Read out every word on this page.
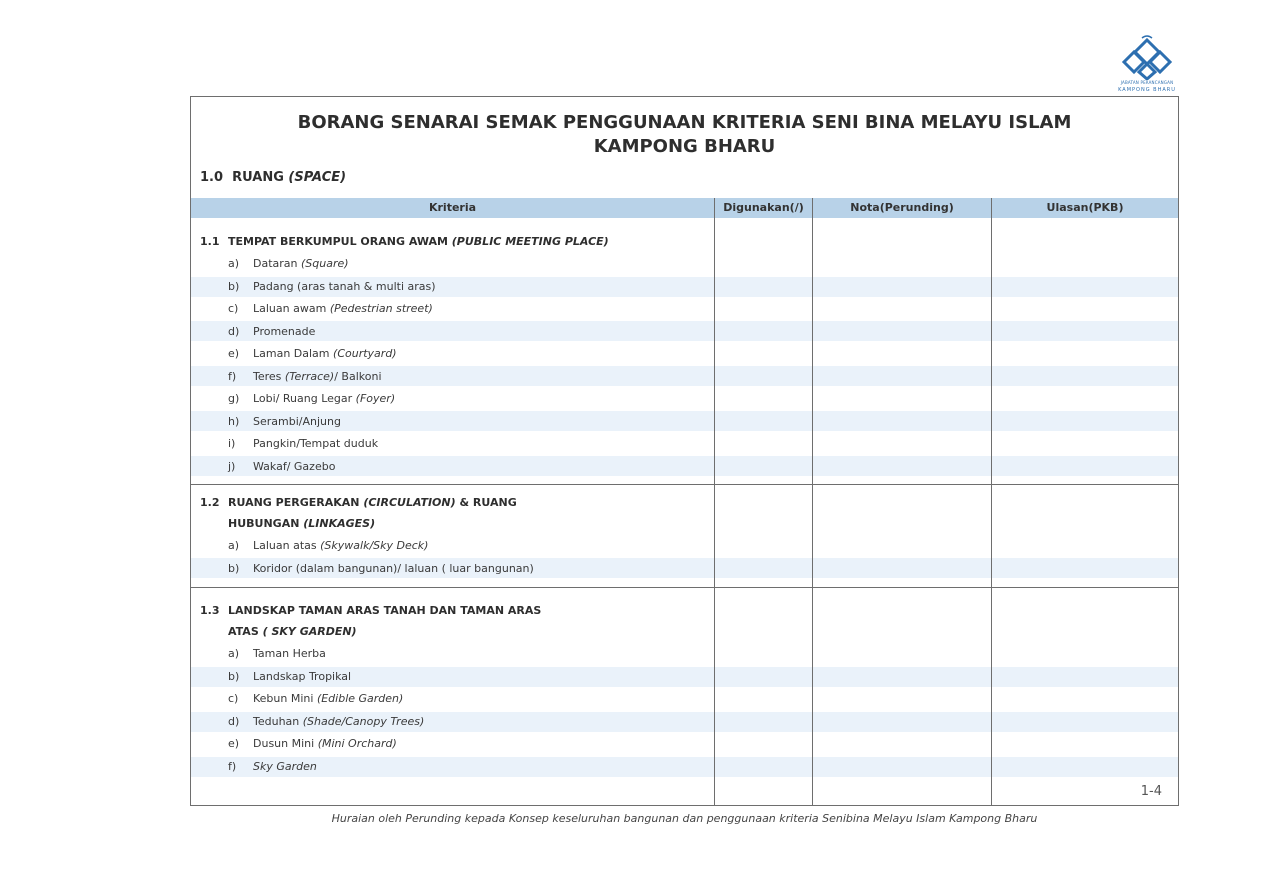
JABATAN PERANCANGAN
KAMPONG BHARU
BORANG SENARAI SEMAK PENGGUNAAN KRITERIA SENI BINA MELAYU ISLAM
KAMPONG BHARU
1.0 RUANG (SPACE)
Kriteria	Digunakan(/)	Nota(Perunding)	Ulasan(PKB)
1.1 TEMPAT BERKUMPUL ORANG AWAM (PUBLIC MEETING PLACE)
a)	Dataran (Square)
b)	Padang (aras tanah & multi aras)
c)	Laluan awam (Pedestrian street)
d)	Promenade
e)	Laman Dalam (Courtyard)
f)	Teres (Terrace)/ Balkoni
g)	Lobi/ Ruang Legar (Foyer)
h)	Serambi/Anjung
i)	Pangkin/Tempat duduk
j)	Wakaf/ Gazebo
1.2 RUANG PERGERAKAN (CIRCULATION) & RUANG
HUBUNGAN (LINKAGES)
a)	Laluan atas (Skywalk/Sky Deck)
b)	Koridor (dalam bangunan)/ laluan ( luar bangunan)
1.3 LANDSKAP TAMAN ARAS TANAH DAN TAMAN ARAS
ATAS ( SKY GARDEN)
a)	Taman Herba
b)	Landskap Tropikal
c)	Kebun Mini (Edible Garden)
d)	Teduhan (Shade/Canopy Trees)
e)	Dusun Mini (Mini Orchard)
f)	Sky Garden
1-4
Huraian oleh Perunding kepada Konsep keseluruhan bangunan dan penggunaan kriteria Senibina Melayu Islam Kampong Bharu
